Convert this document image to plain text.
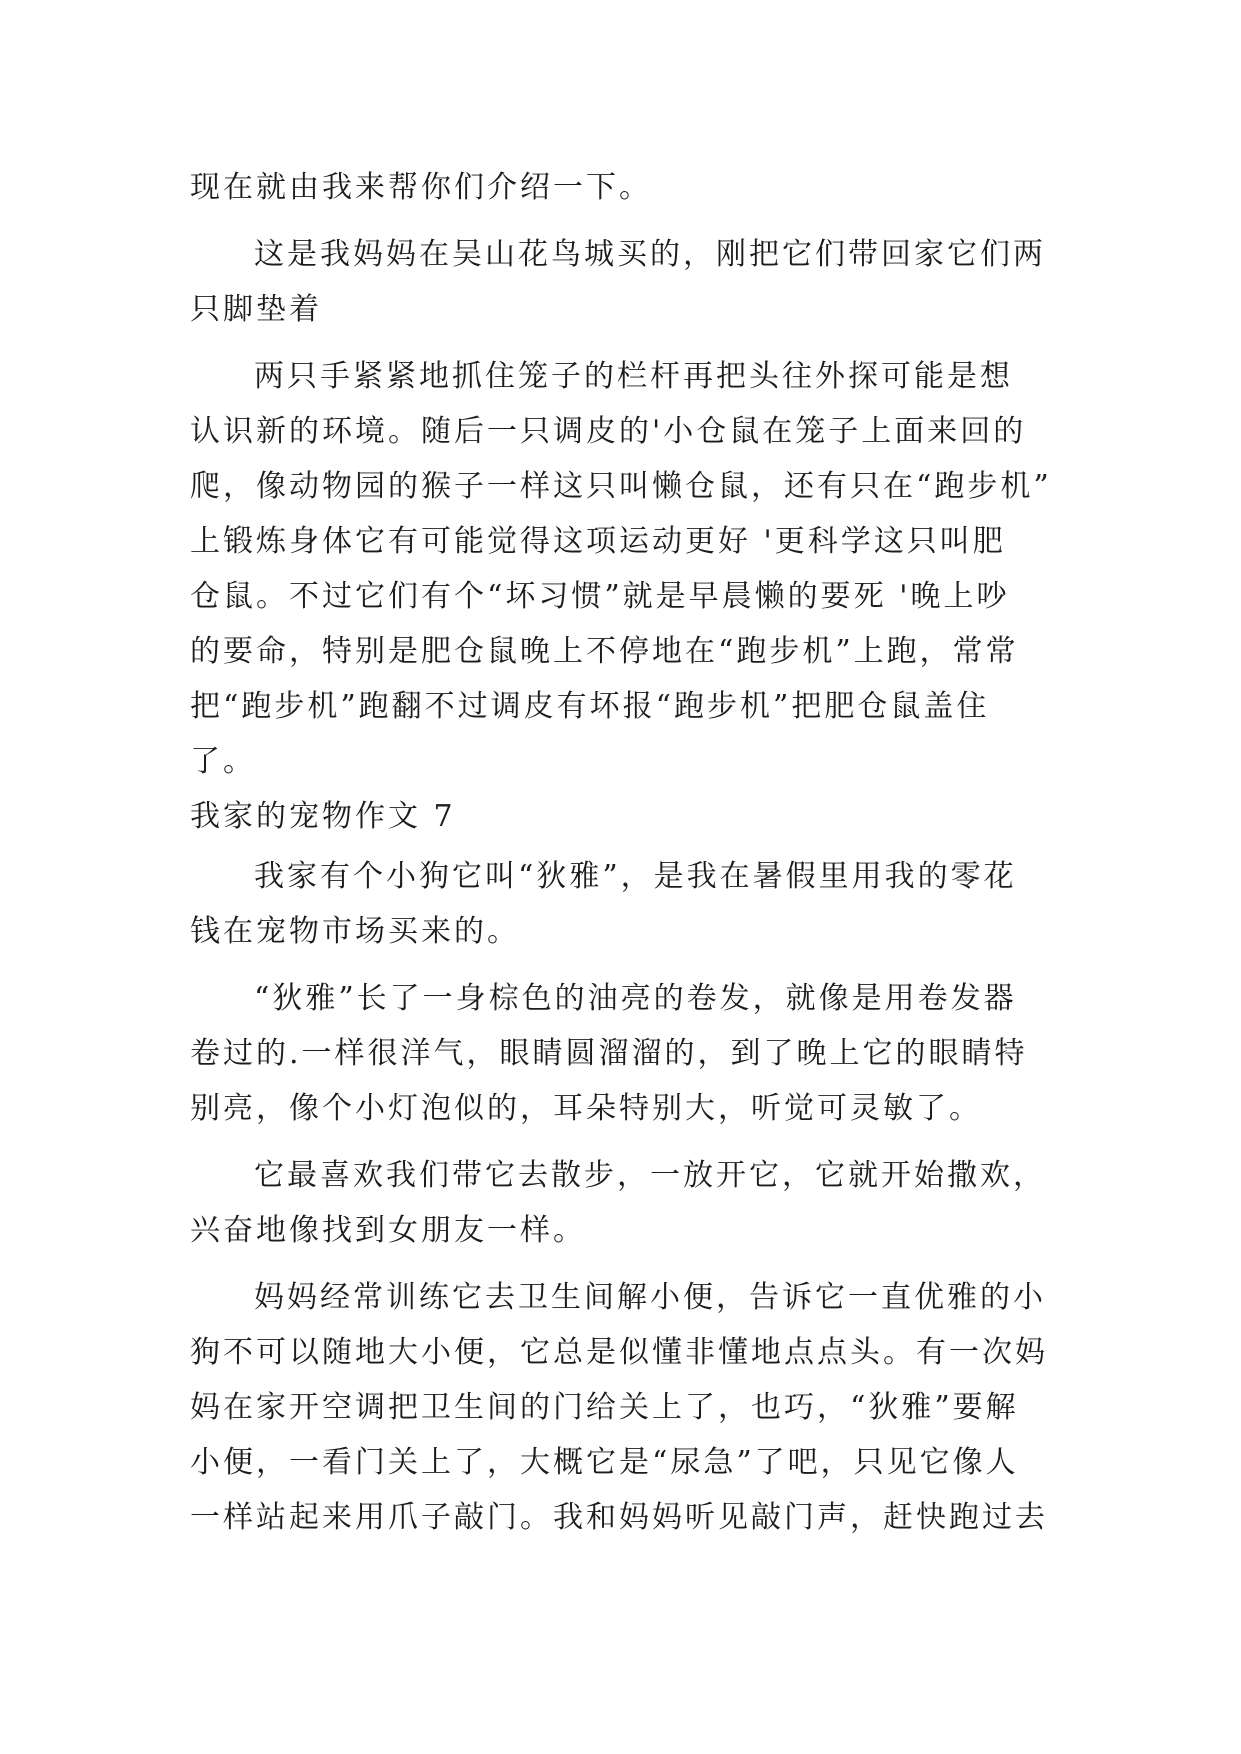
现在就由我来帮你们介绍一下。

这是我妈妈在吴山花鸟城买的，刚把它们带回家它们两

只脚垫着

两只手紧紧地抓住笼子的栏杆再把头往外探可能是想

认识新的环境。随后一只调皮的'小仓鼠在笼子上面来回的

爬，像动物园的猴子一样这只叫懒仓鼠，还有只在“跑步机”

上锻炼身体它有可能觉得这项运动更好 '更科学这只叫肥

仓鼠。不过它们有个“坏习惯”就是早晨懒的要死 '晚上吵

的要命，特别是肥仓鼠晚上不停地在“跑步机”上跑，常常

把“跑步机”跑翻不过调皮有坏报“跑步机”把肥仓鼠盖住

了。

我家的宠物作文 7

我家有个小狗它叫“狄雅”，是我在暑假里用我的零花

钱在宠物市场买来的。

“狄雅”长了一身棕色的油亮的卷发，就像是用卷发器

卷过的.一样很洋气，眼睛圆溜溜的，到了晚上它的眼睛特

别亮，像个小灯泡似的，耳朵特别大，听觉可灵敏了。

它最喜欢我们带它去散步，一放开它，它就开始撒欢，

兴奋地像找到女朋友一样。

妈妈经常训练它去卫生间解小便，告诉它一直优雅的小

狗不可以随地大小便，它总是似懂非懂地点点头。有一次妈

妈在家开空调把卫生间的门给关上了，也巧，“狄雅”要解

小便，一看门关上了，大概它是“尿急”了吧，只见它像人

一样站起来用爪子敲门。我和妈妈听见敲门声，赶快跑过去
